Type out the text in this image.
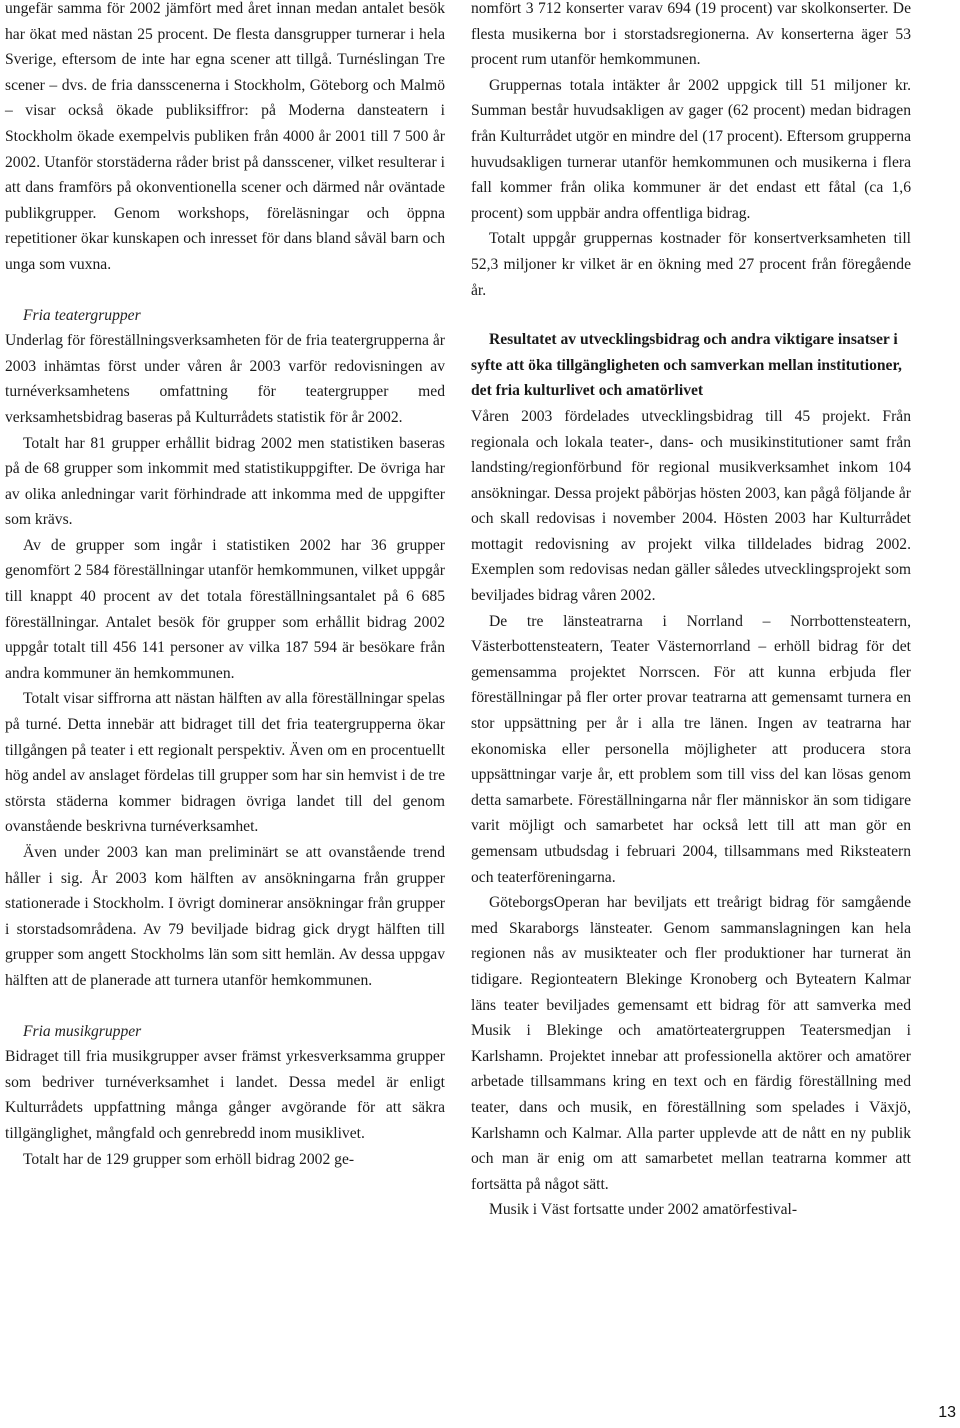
ungefär samma för 2002 jämfört med året innan medan antalet besök har ökat med nästan 25 procent. De flesta dansgrupper turnerar i hela Sverige, eftersom de inte har egna scener att tillgå. Turnéslingan Tre scener – dvs. de fria dansscenerna i Stockholm, Göteborg och Malmö – visar också ökade publiksiffror: på Moderna dansteatern i Stockholm ökade exempelvis publiken från 4000 år 2001 till 7 500 år 2002. Utanför storstäderna råder brist på dansscener, vilket resulterar i att dans framförs på okonventionella scener och därmed når oväntade publikgrupper. Genom workshops, föreläsningar och öppna repetitioner ökar kunskapen och inresset för dans bland såväl barn och unga som vuxna.

Fria teatergrupper

Underlag för föreställningsverksamheten för de fria teatergrupperna år 2003 inhämtas först under våren år 2003 varför redovisningen av turnéverksamhetens omfattning för teatergrupper med verksamhetsbidrag baseras på Kulturrådets statistik för år 2002.

Totalt har 81 grupper erhållit bidrag 2002 men statistiken baseras på de 68 grupper som inkommit med statistikuppgifter. De övriga har av olika anledningar varit förhindrade att inkomma med de uppgifter som krävs.

Av de grupper som ingår i statistiken 2002 har 36 grupper genomfört 2 584 föreställningar utanför hemkommunen, vilket uppgår till knappt 40 procent av det totala föreställningsantalet på 6 685 föreställningar. Antalet besök för grupper som erhållit bidrag 2002 uppgår totalt till 456 141 personer av vilka 187 594 är besökare från andra kommuner än hemkommunen.

Totalt visar siffrorna att nästan hälften av alla föreställningar spelas på turné. Detta innebär att bidraget till det fria teatergrupperna ökar tillgången på teater i ett regionalt perspektiv. Även om en procentuellt hög andel av anslaget fördelas till grupper som har sin hemvist i de tre största städerna kommer bidragen övriga landet till del genom ovanstående beskrivna turnéverksamhet.

Även under 2003 kan man preliminärt se att ovanstående trend håller i sig. År 2003 kom hälften av ansökningarna från grupper stationerade i Stockholm. I övrigt dominerar ansökningar från grupper i storstadsområdena. Av 79 beviljade bidrag gick drygt hälften till grupper som angett Stockholms län som sitt hemlän. Av dessa uppgav hälften att de planerade att turnera utanför hemkommunen.

Fria musikgrupper

Bidraget till fria musikgrupper avser främst yrkesverksamma grupper som bedriver turnéverksamhet i landet. Dessa medel är enligt Kulturrådets uppfattning många gånger avgörande för att säkra tillgänglighet, mångfald och genrebredd inom musiklivet.

Totalt har de 129 grupper som erhöll bidrag 2002 ge-

nomfört 3 712 konserter varav 694 (19 procent) var skolkonserter. De flesta musikerna bor i storstadsregionerna. Av konserterna äger 53 procent rum utanför hemkommunen.

Gruppernas totala intäkter år 2002 uppgick till 51 miljoner kr. Summan består huvudsakligen av gager (62 procent) medan bidragen från Kulturrådet utgör en mindre del (17 procent). Eftersom grupperna huvudsakligen turnerar utanför hemkommunen och musikerna i flera fall kommer från olika kommuner är det endast ett fåtal (ca 1,6 procent) som uppbär andra offentliga bidrag.

Totalt uppgår gruppernas kostnader för konsertverksamheten till 52,3 miljoner kr vilket är en ökning med 27 procent från föregående år.

Resultatet av utvecklingsbidrag och andra viktigare insatser i syfte att öka tillgängligheten och samverkan mellan institutioner, det fria kulturlivet och amatörlivet

Våren 2003 fördelades utvecklingsbidrag till 45 projekt. Från regionala och lokala teater-, dans- och musikinstitutioner samt från landsting/regionförbund för regional musikverksamhet inkom 104 ansökningar. Dessa projekt påbörjas hösten 2003, kan pågå följande år och skall redovisas i november 2004. Hösten 2003 har Kulturrådet mottagit redovisning av projekt vilka tilldelades bidrag 2002. Exemplen som redovisas nedan gäller således utvecklingsprojekt som beviljades bidrag våren 2002.

De tre länsteatrarna i Norrland – Norrbottensteatern, Västerbottensteatern, Teater Västernorrland – erhöll bidrag för det gemensamma projektet Norrscen. För att kunna erbjuda fler föreställningar på fler orter provar teatrarna att gemensamt turnera en stor uppsättning per år i alla tre länen. Ingen av teatrarna har ekonomiska eller personella möjligheter att producera stora uppsättningar varje år, ett problem som till viss del kan lösas genom detta samarbete. Föreställningarna når fler människor än som tidigare varit möjligt och samarbetet har också lett till att man gör en gemensam utbudsdag i februari 2004, tillsammans med Riksteatern och teaterföreningarna.

GöteborgsOperan har beviljats ett treårigt bidrag för samgående med Skaraborgs länsteater. Genom sammanslagningen kan hela regionen nås av musikteater och fler produktioner har turnerat än tidigare. Regionteatern Blekinge Kronoberg och Byteatern Kalmar läns teater beviljades gemensamt ett bidrag för att samverka med Musik i Blekinge och amatörteatergruppen Teatersmedjan i Karlshamn. Projektet innebar att professionella aktörer och amatörer arbetade tillsammans kring en text och en färdig föreställning med teater, dans och musik, en föreställning som spelades i Växjö, Karlshamn och Kalmar. Alla parter upplevde att de nått en ny publik och man är enig om att samarbetet mellan teatrarna kommer att fortsätta på något sätt.

Musik i Väst fortsatte under 2002 amatörfestival-

13
